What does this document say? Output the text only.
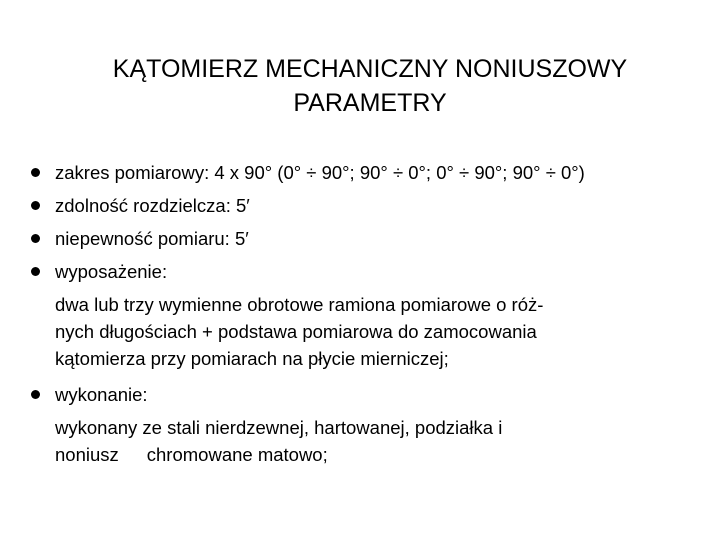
KĄTOMIERZ MECHANICZNY NONIUSZOWY
PARAMETRY
zakres pomiarowy: 4 x 90° (0° ÷ 90°; 90° ÷ 0°; 0° ÷ 90°; 90° ÷ 0°)
zdolność rozdzielcza: 5′
niepewność pomiaru: 5′
wyposażenie:
dwa lub trzy wymienne obrotowe ramiona pomiarowe o róż-
nych długościach + podstawa pomiarowa do zamocowania
kątomierza przy pomiarach na płycie mierniczej;
wykonanie:
wykonany ze stali nierdzewnej, hartowanej, podziałka i
noniusz chromowane matowo;
